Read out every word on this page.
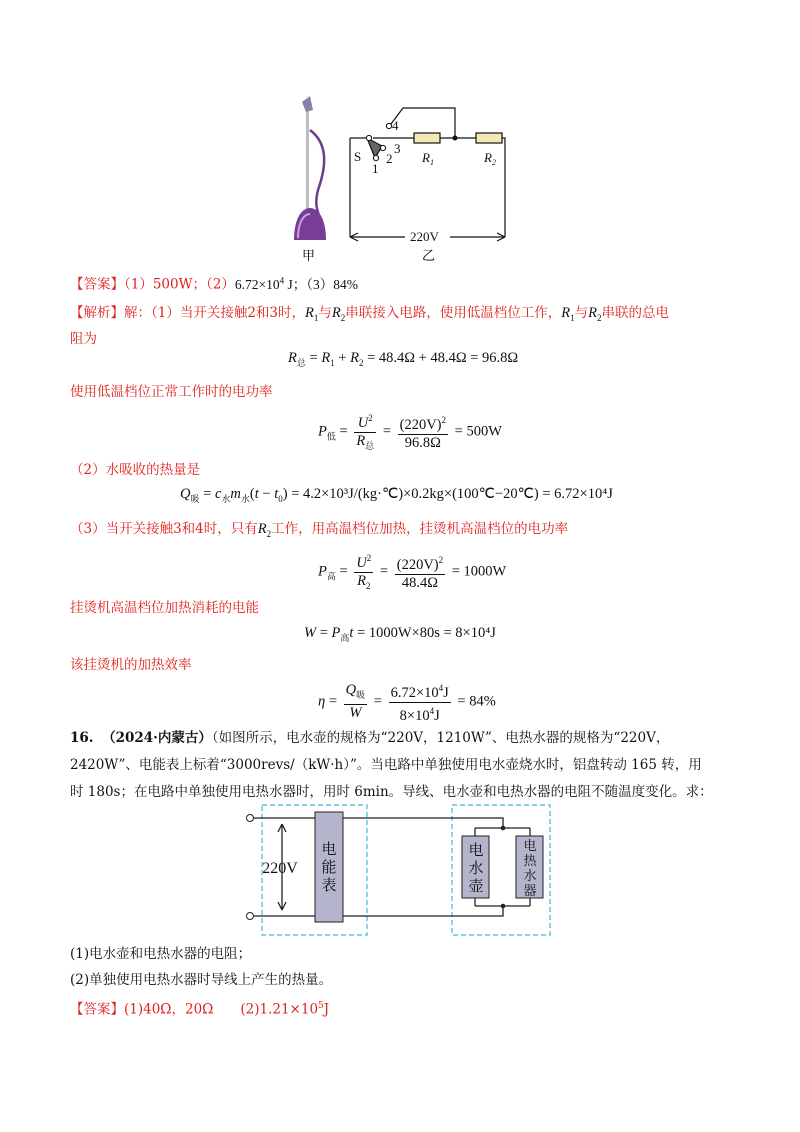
甲
S
4
3
2
1
$R_1$	$R_2$
220V
乙
【答案】（1）500W；$(2)6.72\times 10^4$ J；（3）84%
【解析】解：（1）当开关接触2和3时，$R_1$与$R_2$串联接入电路，使用低温档位工作，$R_1$与$R_2$串联的总电
阻为
$R_总 = R_1 + R_2 = 48.4\Omega + 48.4\Omega = 96.8\Omega$
使用低温档位正常工作时的电功率
$P_低 = \frac{U^2}{R_总} = \frac{(220V)^2}{96.8\Omega} = 500W$
（2）水吸收的热量是
$Q_吸 = c_水m_水(t - t_0)$ = 4.2×10³J/(kg·℃)×0.2kg×(100℃−20℃) = 6.72×10⁴J
（3）当开关接触3和4时，只有$R_2$工作，用高温档位加热，挂烫机高温档位的电功率
$P_高 = \frac{U^2}{R_2} = \frac{(220V)^2}{48.4\Omega} = 1000W$
挂烫机高温档位加热消耗的电能
$W = P_高t = 1000W\times 80s = 8\times 10^4J$
该挂烫机的加热效率
$\eta = \frac{Q_吸}{W} = \frac{6.72\times 10^4J}{8\times 10^4J} = 84\%$
16. （2024·内蒙古）（如图所示，电水壶的规格为“220V，1210W”、电热水器的规格为“220V，
2420W”、电能表上标着“3000revs/（kW·h）”。当电路中单独使用电水壶烧水时，铝盘转动 165 转，用
时 180s；在电路中单独使用电热水器时，用时 6min。导线、电水壶和电热水器的电阻不随温度变化。求：
220V
电
能
表
电
水
壶
电
热
水
器
(1)电水壶和电热水器的电阻；
(2)单独使用电热水器时导线上产生的热量。
【答案】(1)40Ω，20Ω　　$(2)1.21\times 10^5J$
